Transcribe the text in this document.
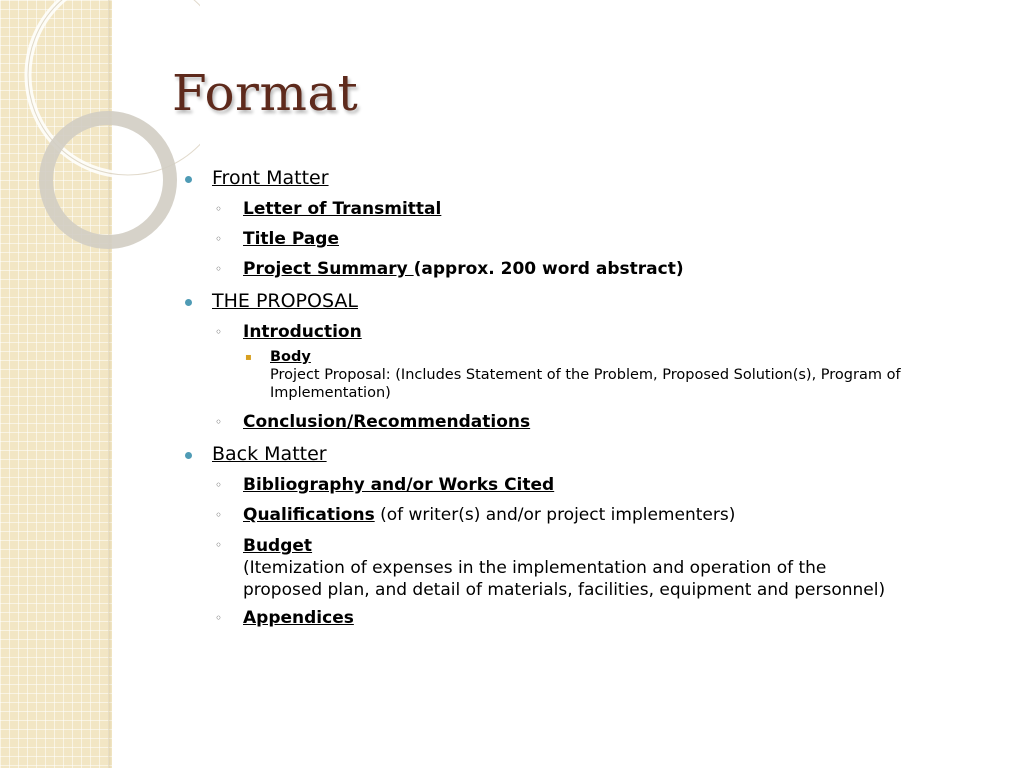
Format
Front Matter
◦ Letter of Transmittal
◦ Title Page
◦ Project Summary (approx. 200 word abstract)
THE PROPOSAL
◦ Introduction
▪ Body
Project Proposal: (Includes Statement of the Problem, Proposed Solution(s), Program of
Implementation)
◦ Conclusion/Recommendations
Back Matter
◦ Bibliography and/or Works Cited
◦ Qualifications (of writer(s) and/or project implementers)
◦ Budget
(Itemization of expenses in the implementation and operation of the
proposed plan, and detail of materials, facilities, equipment and personnel)
◦ Appendices
